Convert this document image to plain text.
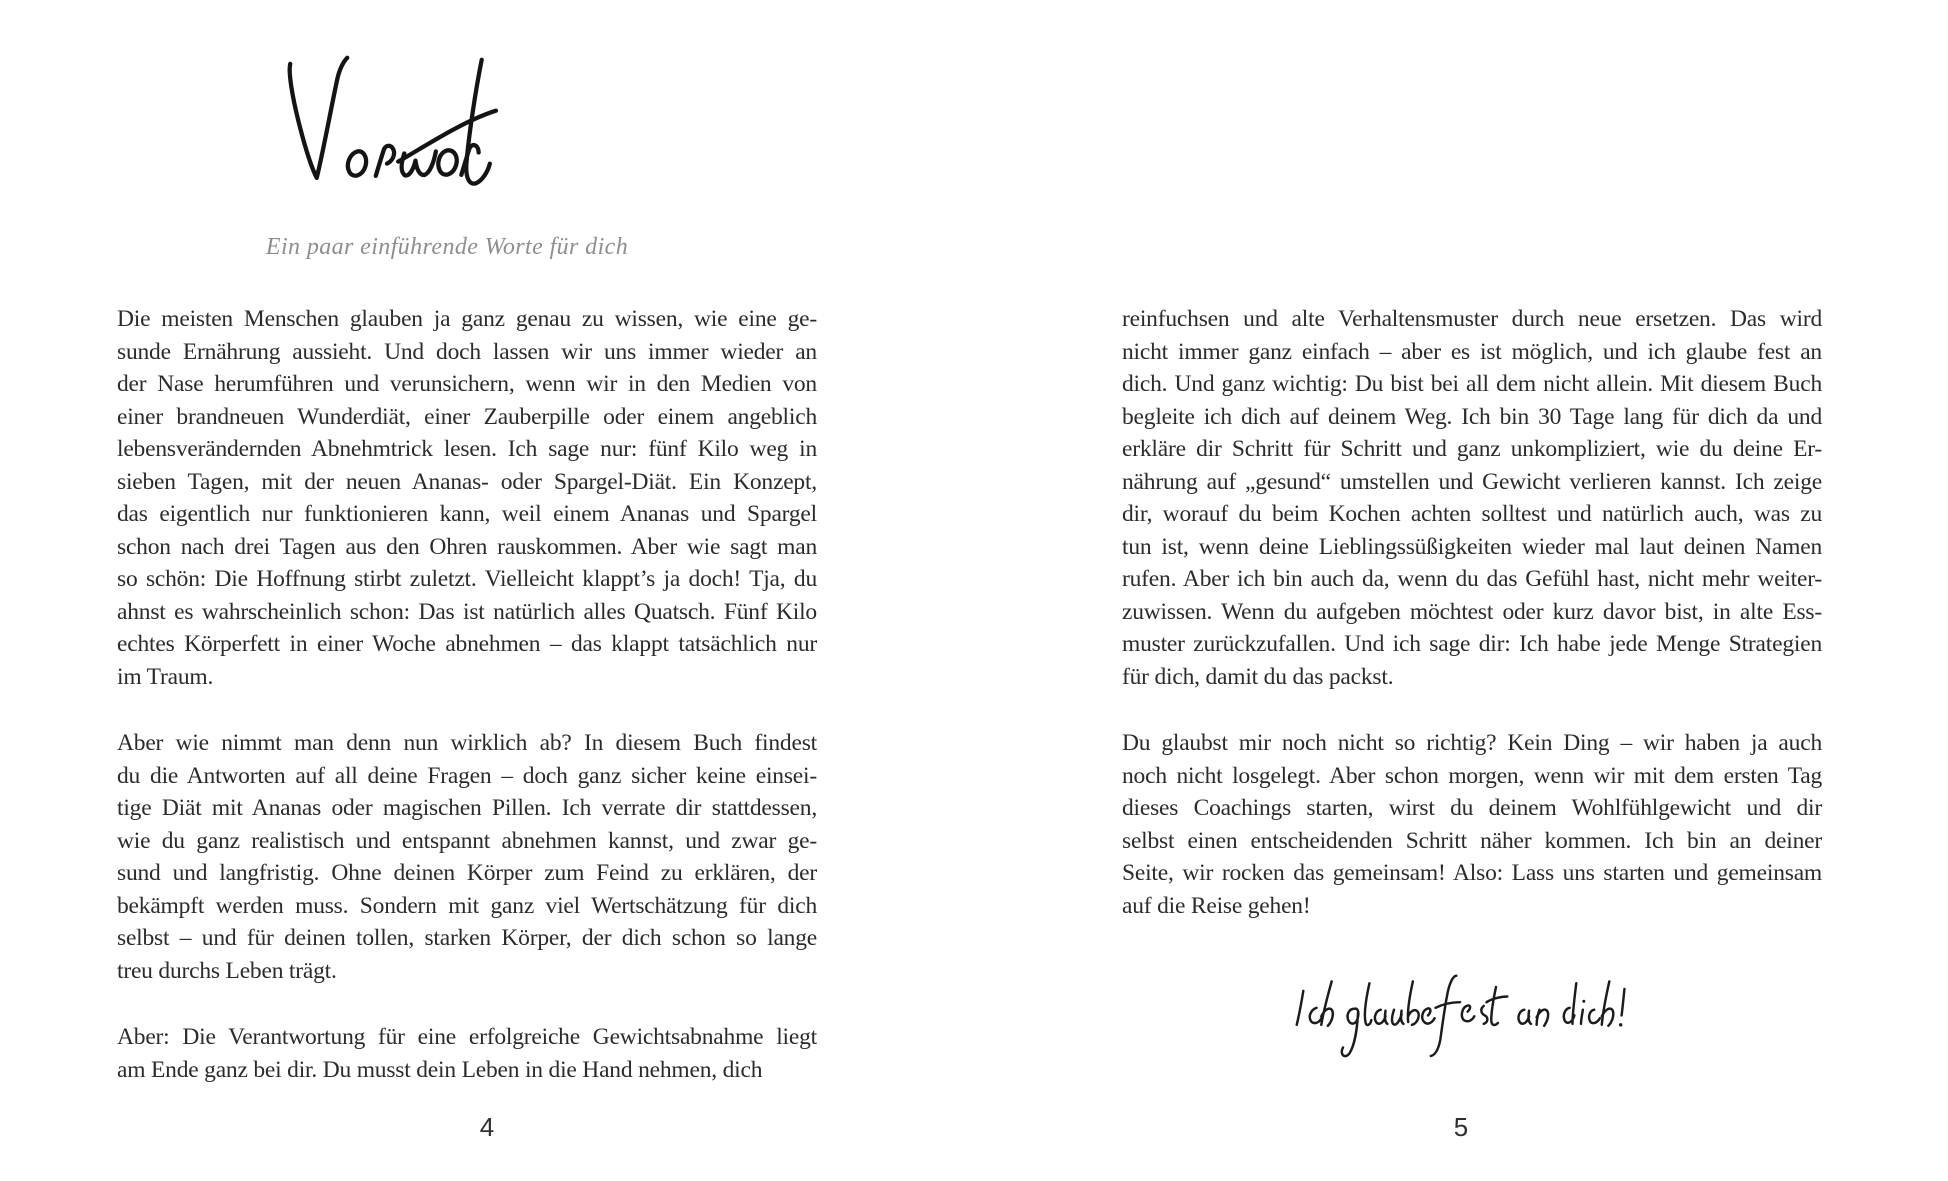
Ein paar einführende Worte für dich
Die meisten Menschen glauben ja ganz genau zu wissen, wie eine ge-
sunde Ernährung aussieht. Und doch lassen wir uns immer wieder an
der Nase herumführen und verunsichern, wenn wir in den Medien von
einer brandneuen Wunderdiät, einer Zauberpille oder einem angeblich
lebensverändernden Abnehmtrick lesen. Ich sage nur: fünf Kilo weg in
sieben Tagen, mit der neuen Ananas- oder Spargel-Diät. Ein Konzept,
das eigentlich nur funktionieren kann, weil einem Ananas und Spargel
schon nach drei Tagen aus den Ohren rauskommen. Aber wie sagt man
so schön: Die Hoffnung stirbt zuletzt. Vielleicht klappt’s ja doch! Tja, du
ahnst es wahrscheinlich schon: Das ist natürlich alles Quatsch. Fünf Kilo
echtes Körperfett in einer Woche abnehmen – das klappt tatsächlich nur
im Traum.
Aber wie nimmt man denn nun wirklich ab? In diesem Buch findest
du die Antworten auf all deine Fragen – doch ganz sicher keine einsei-
tige Diät mit Ananas oder magischen Pillen. Ich verrate dir stattdessen,
wie du ganz realistisch und entspannt abnehmen kannst, und zwar ge-
sund und langfristig. Ohne deinen Körper zum Feind zu erklären, der
bekämpft werden muss. Sondern mit ganz viel Wertschätzung für dich
selbst – und für deinen tollen, starken Körper, der dich schon so lange
treu durchs Leben trägt.
Aber: Die Verantwortung für eine erfolgreiche Gewichtsabnahme liegt
am Ende ganz bei dir. Du musst dein Leben in die Hand nehmen, dich
4
reinfuchsen und alte Verhaltensmuster durch neue ersetzen. Das wird
nicht immer ganz einfach – aber es ist möglich, und ich glaube fest an
dich. Und ganz wichtig: Du bist bei all dem nicht allein. Mit diesem Buch
begleite ich dich auf deinem Weg. Ich bin 30 Tage lang für dich da und
erkläre dir Schritt für Schritt und ganz unkompliziert, wie du deine Er-
nährung auf „gesund“ umstellen und Gewicht verlieren kannst. Ich zeige
dir, worauf du beim Kochen achten solltest und natürlich auch, was zu
tun ist, wenn deine Lieblingssüßigkeiten wieder mal laut deinen Namen
rufen. Aber ich bin auch da, wenn du das Gefühl hast, nicht mehr weiter-
zuwissen. Wenn du aufgeben möchtest oder kurz davor bist, in alte Ess-
muster zurückzufallen. Und ich sage dir: Ich habe jede Menge Strategien
für dich, damit du das packst.
Du glaubst mir noch nicht so richtig? Kein Ding – wir haben ja auch
noch nicht losgelegt. Aber schon morgen, wenn wir mit dem ersten Tag
dieses Coachings starten, wirst du deinem Wohlfühlgewicht und dir
selbst einen entscheidenden Schritt näher kommen. Ich bin an deiner
Seite, wir rocken das gemeinsam! Also: Lass uns starten und gemeinsam
auf die Reise gehen!
5
